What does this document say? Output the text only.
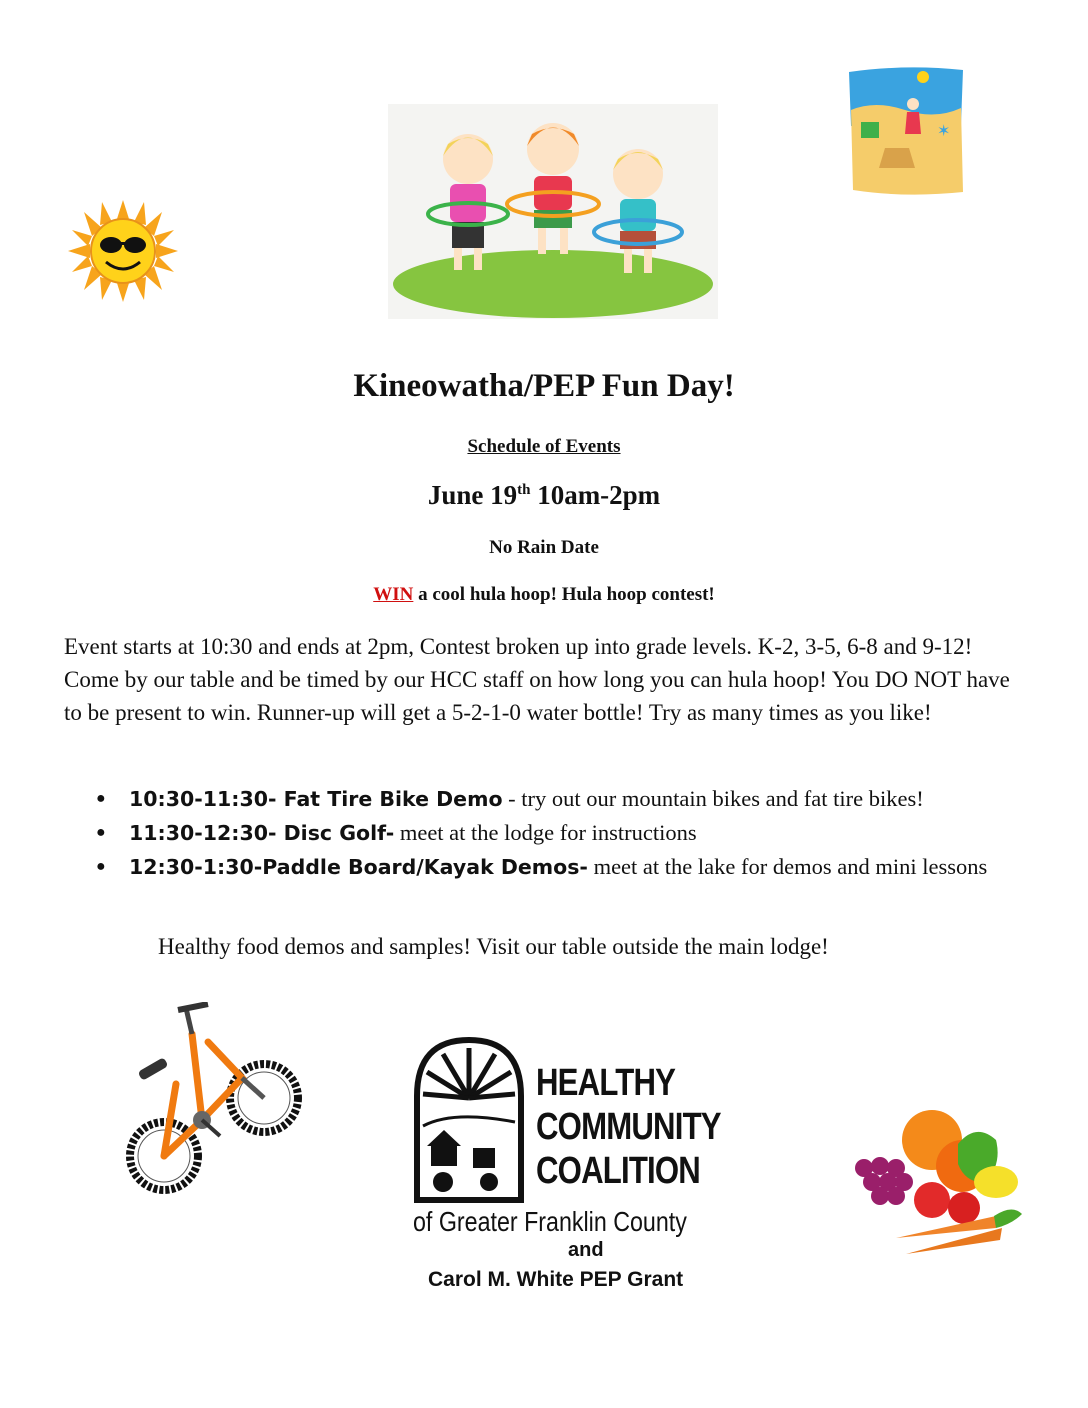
✶
Kineowatha/PEP Fun Day!
Schedule of Events
June 19th 10am-2pm
No Rain Date
WIN a cool hula hoop! Hula hoop contest!
Event starts at 10:30 and ends at 2pm, Contest broken up into grade levels. K-2, 3-5, 6-8 and 9-12! Come by our table and be timed by our HCC staff on how long you can hula hoop! You DO NOT have to be present to win. Runner-up will get a 5-2-1-0 water bottle! Try as many times as you like!
● 10:30-11:30- Fat Tire Bike Demo - try out our mountain bikes and fat tire bikes!
● 11:30-12:30- Disc Golf- meet at the lodge for instructions
● 12:30-1:30-Paddle Board/Kayak Demos- meet at the lake for demos and mini lessons
Healthy food demos and samples! Visit our table outside the main lodge!
HEALTHY
COMMUNITY
COALITION
of Greater Franklin County
and
Carol M. White PEP Grant
